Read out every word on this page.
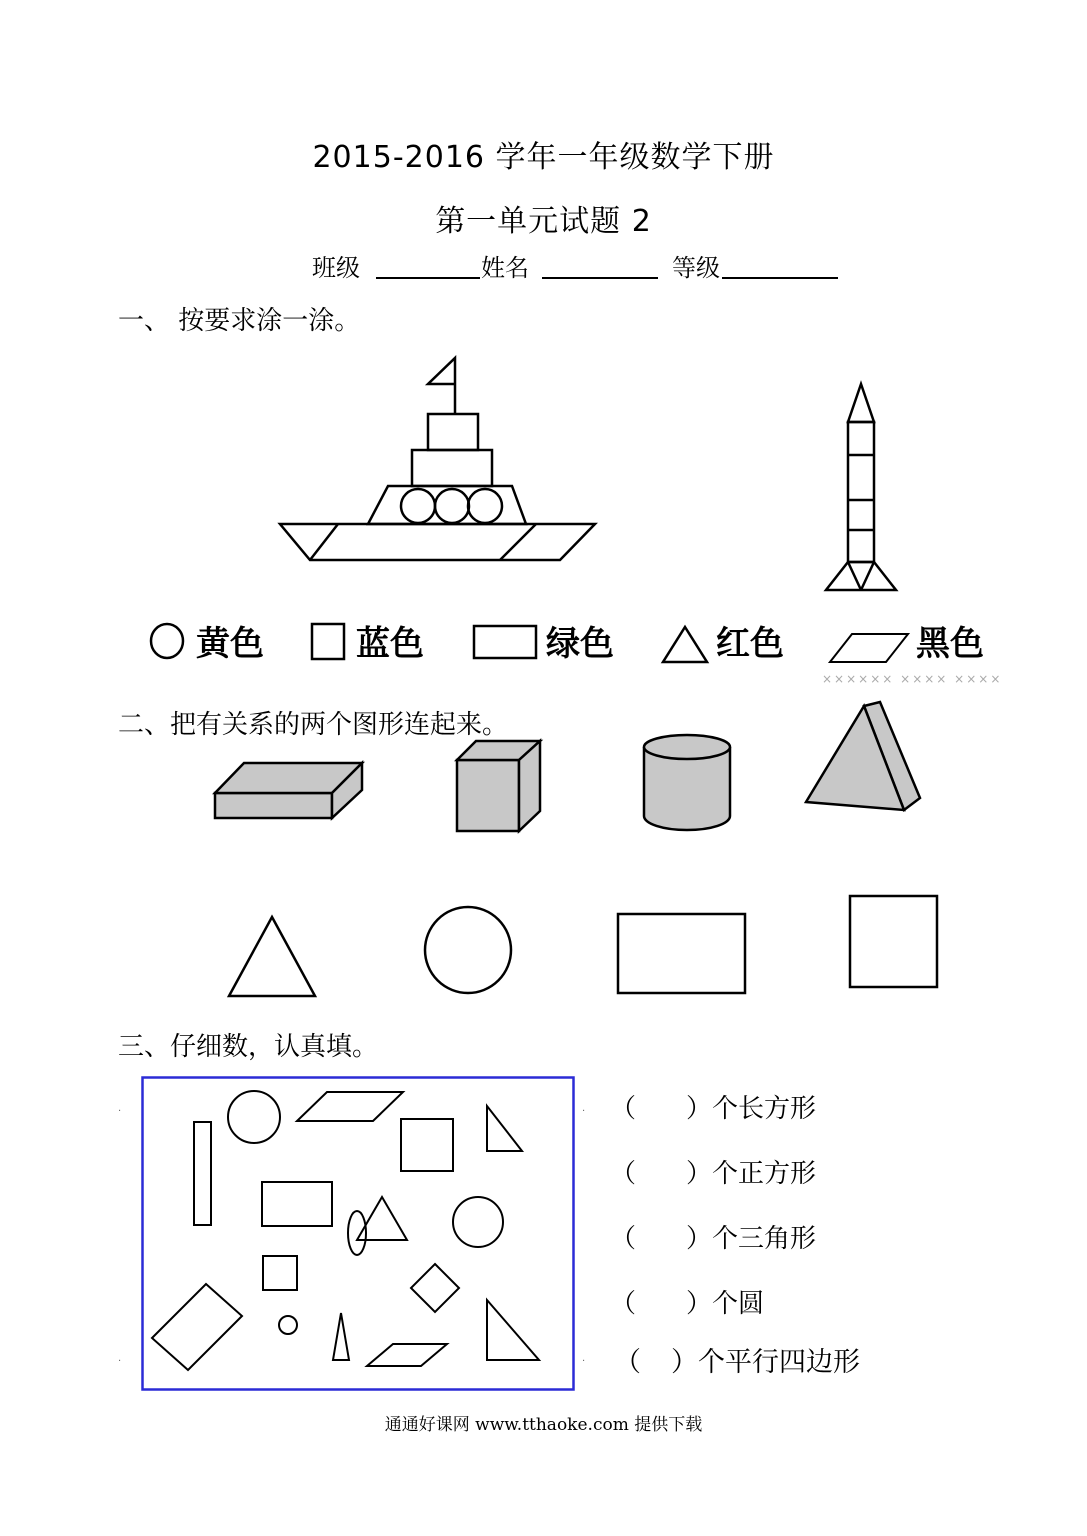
2015-2016 学年一年级数学下册
第一单元试题 2
班级	姓名	等级
一、 按要求涂一涂。
黄色	蓝色	绿色	红色	黑色
×××××× ×××× ××××
二、把有关系的两个图形连起来。
三、仔细数，认真填。
·
·
·
·
（ ）个长方形
（ ）个正方形
（ ）个三角形
（ ）个圆
（ ）个平行四边形
通通好课网 www.tthaoke.com 提供下载
